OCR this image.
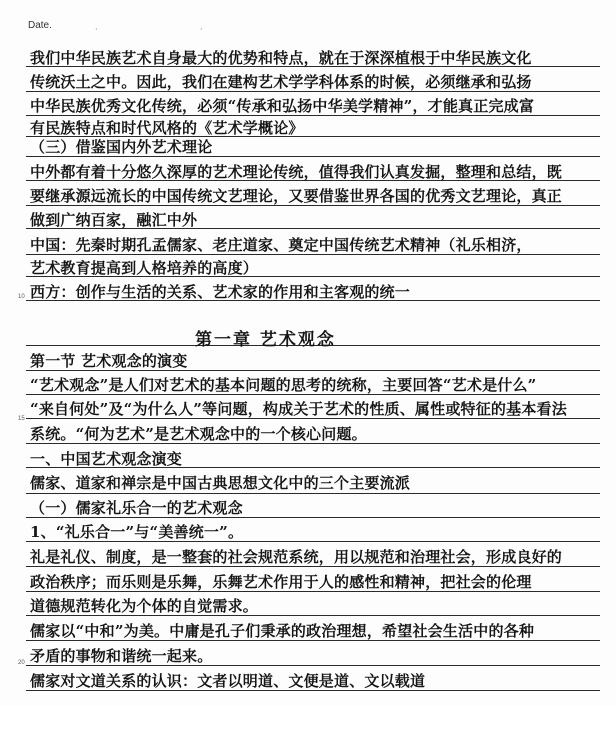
Date.	·	·
10
15
20
我们中华民族艺术自身最大的优势和特点，就在于深深植根于中华民族文化
传统沃土之中。因此，我们在建构艺术学学科体系的时候，必须继承和弘扬
中华民族优秀文化传统，必须“传承和弘扬中华美学精神”，才能真正完成富
有民族特点和时代风格的《艺术学概论》
（三）借鉴国内外艺术理论
中外都有着十分悠久深厚的艺术理论传统，值得我们认真发掘，整理和总结，既
要继承源远流长的中国传统文艺理论，又要借鉴世界各国的优秀文艺理论，真正
做到广纳百家，融汇中外
中国：先秦时期孔孟儒家、老庄道家、奠定中国传统艺术精神（礼乐相济，
艺术教育提高到人格培养的高度）
西方：创作与生活的关系、艺术家的作用和主客观的统一
第一章 艺术观念
第一节 艺术观念的演变
“艺术观念”是人们对艺术的基本问题的思考的统称，主要回答“艺术是什么”
“来自何处”及“为什么人”等问题，构成关于艺术的性质、属性或特征的基本看法
系统。“何为艺术”是艺术观念中的一个核心问题。
一、中国艺术观念演变
儒家、道家和禅宗是中国古典思想文化中的三个主要流派
（一）儒家礼乐合一的艺术观念
1、“礼乐合一”与“美善统一”。
礼是礼仪、制度，是一整套的社会规范系统，用以规范和治理社会，形成良好的
政治秩序；而乐则是乐舞，乐舞艺术作用于人的感性和精神，把社会的伦理
道德规范转化为个体的自觉需求。
儒家以“中和”为美。中庸是孔子们秉承的政治理想，希望社会生活中的各种
矛盾的事物和谐统一起来。
儒家对文道关系的认识：文者以明道、文便是道、文以载道
